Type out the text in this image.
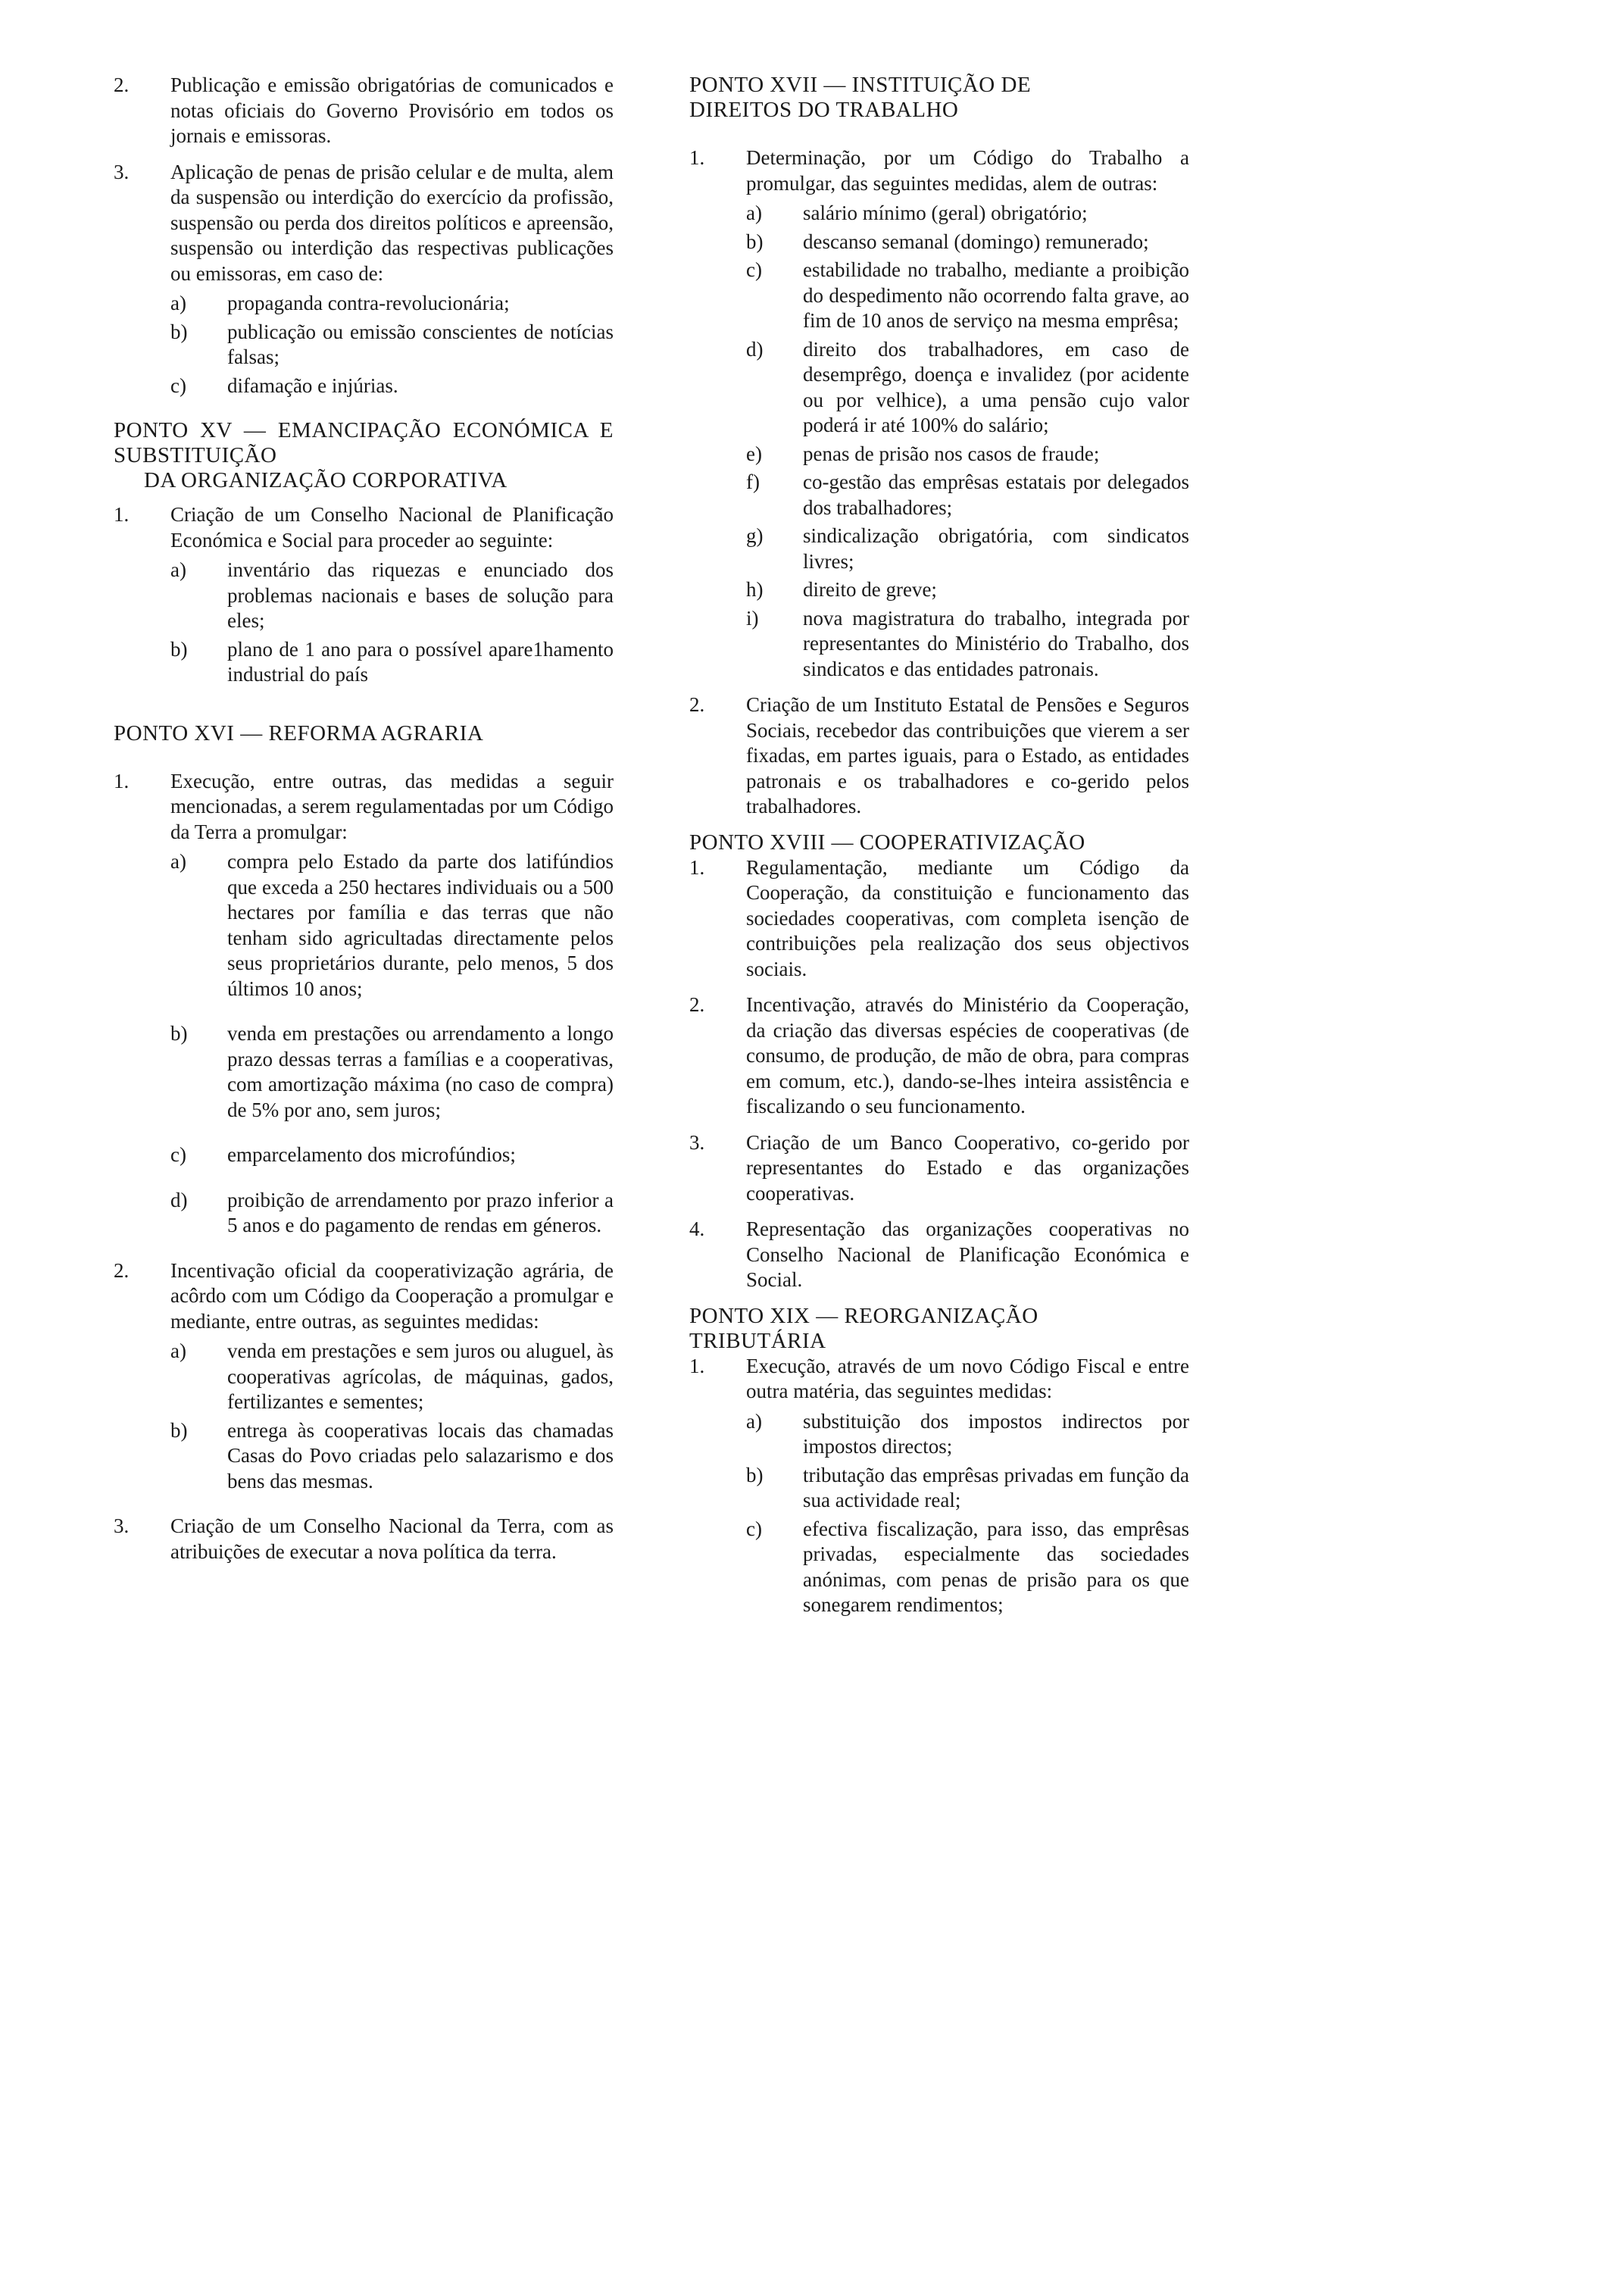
2. Publicação e emissão obrigatórias de comunicados e notas oficiais do Governo Provisório em todos os jornais e emissoras.
3. Aplicação de penas de prisão celular e de multa, alem da suspensão ou interdição do exercício da profissão, suspensão ou perda dos direitos políticos e apreensão, suspensão ou interdição das respectivas publicações ou emissoras, em caso de:
a) propaganda contra-revolucionária;
b) publicação ou emissão conscientes de notícias falsas;
c) difamação e injúrias.
PONTO XV — EMANCIPAÇÃO ECONÓMICA E SUBSTITUIÇÃO
DA ORGANIZAÇÃO CORPORATIVA
1. Criação de um Conselho Nacional de Planificação Económica e Social para proceder ao seguinte:
a) inventário das riquezas e enunciado dos problemas nacionais e bases de solução para eles;
b) plano de 1 ano para o possível apare1hamento industrial do país
PONTO XVI — REFORMA AGRARIA
1. Execução, entre outras, das medidas a seguir mencionadas, a serem regulamentadas por um Código da Terra a promulgar:
a) compra pelo Estado da parte dos latifúndios que exceda a 250 hectares individuais ou a 500 hectares por família e das terras que não tenham sido agricultadas directamente pelos seus proprietários durante, pelo menos, 5 dos últimos 10 anos;
b) venda em prestações ou arrendamento a longo prazo dessas terras a famílias e a cooperativas, com amortização máxima (no caso de compra) de 5% por ano, sem juros;
c) emparcelamento dos microfúndios;
d) proibição de arrendamento por prazo inferior a 5 anos e do pagamento de rendas em géneros.
2. Incentivação oficial da cooperativização agrária, de acôrdo com um Código da Cooperação a promulgar e mediante, entre outras, as seguintes medidas:
a) venda em prestações e sem juros ou aluguel, às cooperativas agrícolas, de máquinas, gados, fertilizantes e sementes;
b) entrega às cooperativas locais das chamadas Casas do Povo criadas pelo salazarismo e dos bens das mesmas.
3. Criação de um Conselho Nacional da Terra, com as atribuições de executar a nova política da terra.
PONTO XVII — INSTITUIÇÃO DE
DIREITOS DO TRABALHO
1. Determinação, por um Código do Trabalho a promulgar, das seguintes medidas, alem de outras:
a) salário mínimo (geral) obrigatório;
b) descanso semanal (domingo) remunerado;
c) estabilidade no trabalho, mediante a proibição do despedimento não ocorrendo falta grave, ao fim de 10 anos de serviço na mesma emprêsa;
d) direito dos trabalhadores, em caso de desemprêgo, doença e invalidez (por acidente ou por velhice), a uma pensão cujo valor poderá ir até 100% do salário;
e) penas de prisão nos casos de fraude;
f) co-gestão das emprêsas estatais por delegados dos trabalhadores;
g) sindicalização obrigatória, com sindicatos livres;
h) direito de greve;
i) nova magistratura do trabalho, integrada por representantes do Ministério do Trabalho, dos sindicatos e das entidades patronais.
2. Criação de um Instituto Estatal de Pensões e Seguros Sociais, recebedor das contribuições que vierem a ser fixadas, em partes iguais, para o Estado, as entidades patronais e os trabalhadores e co-gerido pelos trabalhadores.
PONTO XVIII — COOPERATIVIZAÇÃO
1. Regulamentação, mediante um Código da Cooperação, da constituição e funcionamento das sociedades cooperativas, com completa isenção de contribuições pela realização dos seus objectivos sociais.
2. Incentivação, através do Ministério da Cooperação, da criação das diversas espécies de cooperativas (de consumo, de produção, de mão de obra, para compras em comum, etc.), dando-se-lhes inteira assistência e fiscalizando o seu funcionamento.
3. Criação de um Banco Cooperativo, co-gerido por representantes do Estado e das organizações cooperativas.
4. Representação das organizações cooperativas no Conselho Nacional de Planificação Económica e Social.
PONTO XIX — REORGANIZAÇÃO
TRIBUTÁRIA
1. Execução, através de um novo Código Fiscal e entre outra matéria, das seguintes medidas:
a) substituição dos impostos indirectos por impostos directos;
b) tributação das emprêsas privadas em função da sua actividade real;
c) efectiva fiscalização, para isso, das emprêsas privadas, especialmente das sociedades anónimas, com penas de prisão para os que sonegarem rendimentos;
